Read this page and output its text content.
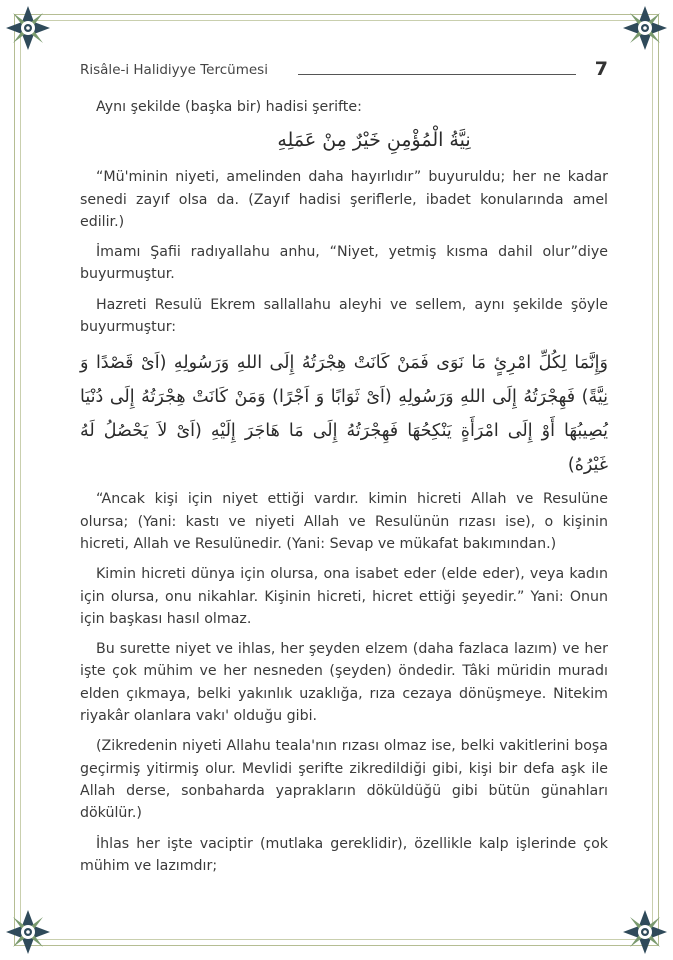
Risâle-i Halidiyye Tercümesi	7

Aynı şekilde (başka bir) hadisi şerifte:

نِيَّةُ الْمُؤْمِنِ خَيْرٌ مِنْ عَمَلِهِ

“Mü'minin niyeti, amelinden daha hayırlıdır” buyuruldu; her ne kadar senedi zayıf olsa da. (Zayıf hadisi şeriflerle, ibadet konularında amel edilir.)

İmamı Şafii radıyallahu anhu, “Niyet, yetmiş kısma dahil olur”diye buyurmuştur.

Hazreti Resulü Ekrem sallallahu aleyhi ve sellem, aynı şekilde şöyle buyurmuştur:

وَإِنَّمَا لِكُلِّ امْرِئٍ مَا نَوَى فَمَنْ كَانَتْ هِجْرَتُهُ إِلَى اللهِ وَرَسُولِهِ (اَىْ قَصْدًا وَ نِيَّةً) فَهِجْرَتُهُ إِلَى اللهِ وَرَسُولِهِ (اَىْ ثَوَابًا وَ اَجْرًا) وَمَنْ كَانَتْ هِجْرَتُهُ إِلَى دُنْيَا يُصِيبُهَا أَوْ إِلَى امْرَأَةٍ يَنْكِحُهَا فَهِجْرَتُهُ إِلَى مَا هَاجَرَ إِلَيْهِ (اَىْ لاَ يَحْصُلُ لَهُ غَيْرُهُ)

“Ancak kişi için niyet ettiği vardır. kimin hicreti Allah ve Resulüne olursa; (Yani: kastı ve niyeti Allah ve Resulünün rızası ise), o kişinin hicreti, Allah ve Resulünedir. (Yani: Sevap ve mükafat bakımından.)

Kimin hicreti dünya için olursa, ona isabet eder (elde eder), veya kadın için olursa, onu nikahlar. Kişinin hicreti, hicret ettiği şeyedir.” Yani: Onun için başkası hasıl olmaz.

Bu surette niyet ve ihlas, her şeyden elzem (daha fazlaca lazım) ve her işte çok mühim ve her nesneden (şeyden) öndedir. Tâki müridin muradı elden çıkmaya, belki yakınlık uzaklığa, rıza cezaya dönüşmeye. Nitekim riyakâr olanlara vakı' olduğu gibi.

(Zikredenin niyeti Allahu teala'nın rızası olmaz ise, belki vakitlerini boşa geçirmiş yitirmiş olur. Mevlidi şerifte zikredildiği gibi, kişi bir defa aşk ile Allah derse, sonbaharda yaprakların döküldüğü gibi bütün günahları dökülür.)

İhlas her işte vaciptir (mutlaka gereklidir), özellikle kalp işlerinde çok mühim ve lazımdır;
